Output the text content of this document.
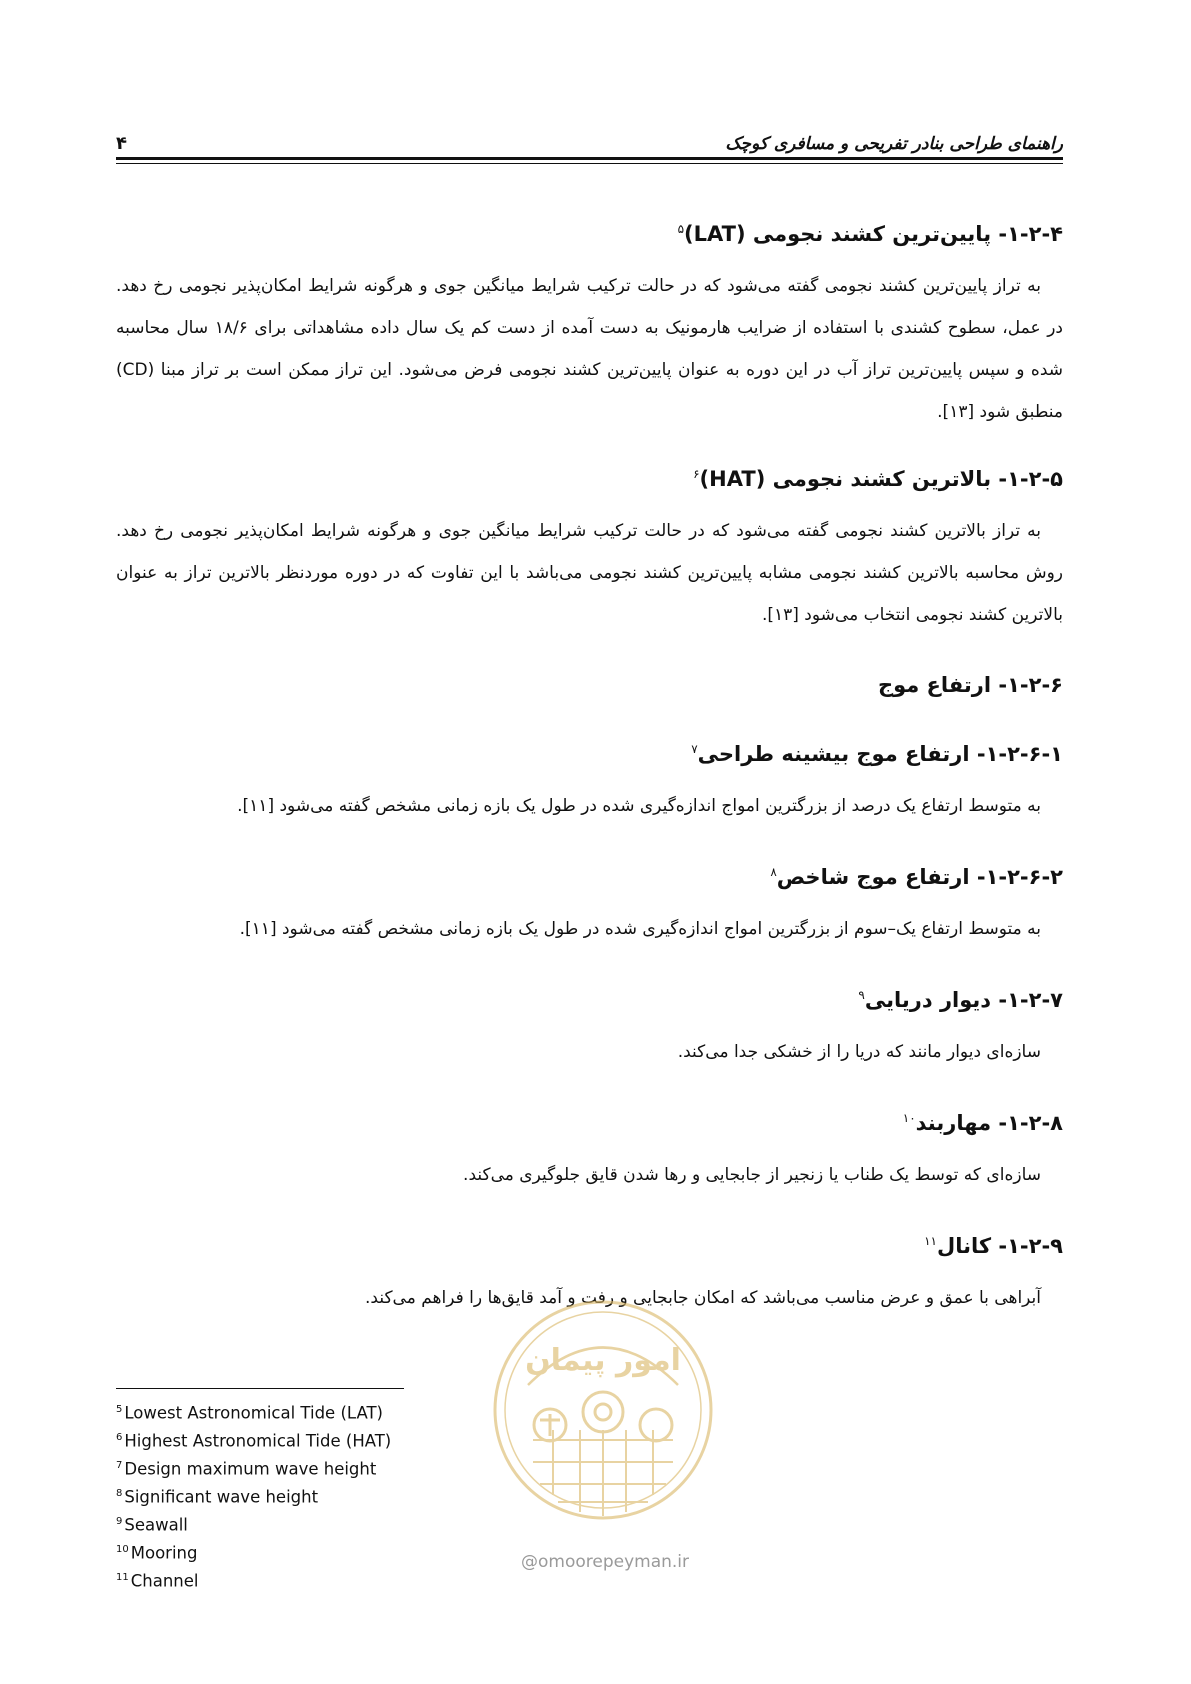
۴	راهنمای طراحی بنادر تفریحی و مسافری کوچک
۱-۲-۴- پایین‌ترین کشند نجومی (LAT)$^۵$

به تراز پایین‌ترین کشند نجومی گفته می‌شود که در حالت ترکیب شرایط میانگین جوی و هرگونه شرایط امکان‌پذیر نجومی رخ دهد. در عمل، سطوح کشندی با استفاده از ضرایب هارمونیک به دست آمده از دست کم یک سال داده مشاهداتی برای ۱۸/۶ سال محاسبه شده و سپس پایین‌ترین تراز آب در این دوره به عنوان پایین‌ترین کشند نجومی فرض می‌شود. این تراز ممکن است بر تراز مبنا (CD) منطبق شود [۱۳].

۱-۲-۵- بالاترین کشند نجومی (HAT)$^۶$

به تراز بالاترین کشند نجومی گفته می‌شود که در حالت ترکیب شرایط میانگین جوی و هرگونه شرایط امکان‌پذیر نجومی رخ دهد. روش محاسبه بالاترین کشند نجومی مشابه پایین‌ترین کشند نجومی می‌باشد با این تفاوت که در دوره موردنظر بالاترین تراز به عنوان بالاترین کشند نجومی انتخاب می‌شود [۱۳].

۱-۲-۶- ارتفاع موج
۱-۲-۶-۱- ارتفاع موج بیشینه طراحی$^۷$

به متوسط ارتفاع یک درصد از بزرگترین امواج اندازه‌گیری شده در طول یک بازه زمانی مشخص گفته می‌شود [۱۱].

۱-۲-۶-۲- ارتفاع موج شاخص$^۸$

به متوسط ارتفاع یک–سوم از بزرگترین امواج اندازه‌گیری شده در طول یک بازه زمانی مشخص گفته می‌شود [۱۱].

۱-۲-۷- دیوار دریایی$^۹$

سازه‌ای دیوار مانند که دریا را از خشکی جدا می‌کند.

۱-۲-۸- مهاربند$^{۱۰}$

سازه‌ای که توسط یک طناب یا زنجیر از جابجایی و رها شدن قایق جلوگیری می‌کند.

۱-۲-۹- کانال$^{۱۱}$

آبراهی با عمق و عرض مناسب می‌باشد که امکان جابجایی و رفت و آمد قایق‌ها را فراهم می‌کند.

$^5$ Lowest Astronomical Tide (LAT)
$^6$ Highest Astronomical Tide (HAT)
$^7$ Design maximum wave height
$^8$ Significant wave height
$^9$ Seawall
$^{10}$ Mooring
$^{11}$ Channel
امور پیمان
@omoorepeyman.ir
